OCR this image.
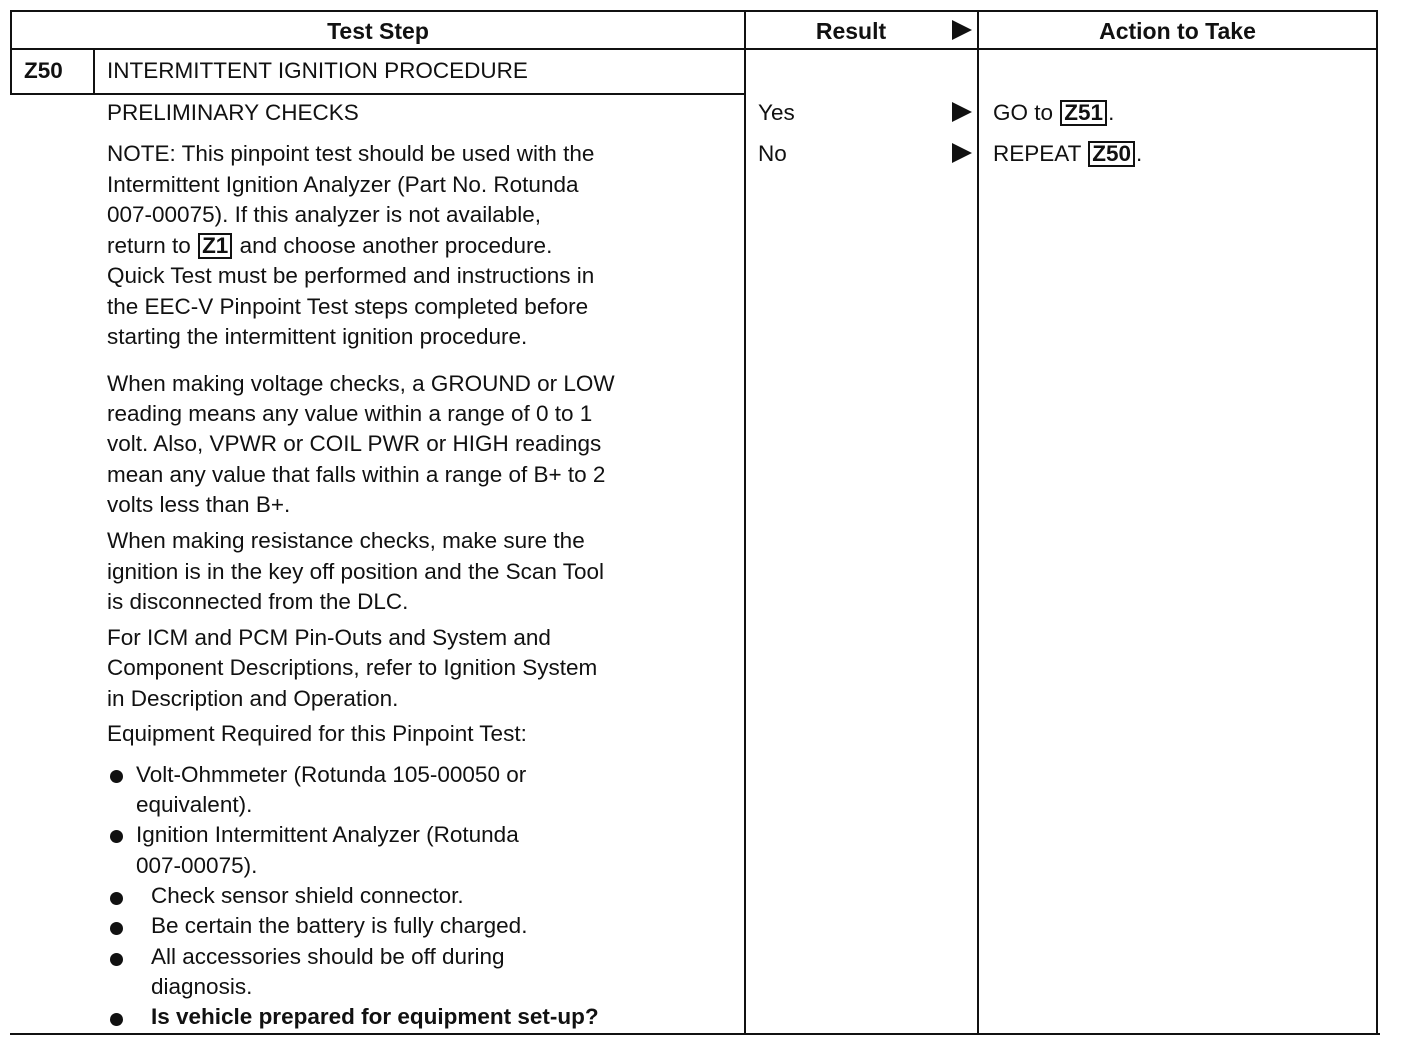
Test Step	Result	Action to Take
Z50 INTERMITTENT IGNITION PROCEDURE
Yes
No
GO to Z51 .
REPEAT Z50 .
PRELIMINARY CHECKS
NOTE: This pinpoint test should be used with the
Intermittent Ignition Analyzer (Part No. Rotunda
007-00075). If this analyzer is not available,
return to Z1 and choose another procedure.
Quick Test must be performed and instructions in
the EEC-V Pinpoint Test steps completed before
starting the intermittent ignition procedure.
When making voltage checks, a GROUND or LOW
reading means any value within a range of 0 to 1
volt. Also, VPWR or COIL PWR or HIGH readings
mean any value that falls within a range of B+ to 2
volts less than B+.
When making resistance checks, make sure the
ignition is in the key off position and the Scan Tool
is disconnected from the DLC.
For ICM and PCM Pin-Outs and System and
Component Descriptions, refer to Ignition System
in Description and Operation.
Equipment Required for this Pinpoint Test:
Volt-Ohmmeter (Rotunda 105-00050 or
equivalent).
Ignition Intermittent Analyzer (Rotunda
007-00075).
Check sensor shield connector.
Be certain the battery is fully charged.
All accessories should be off during
diagnosis.
Is vehicle prepared for equipment set-up?
